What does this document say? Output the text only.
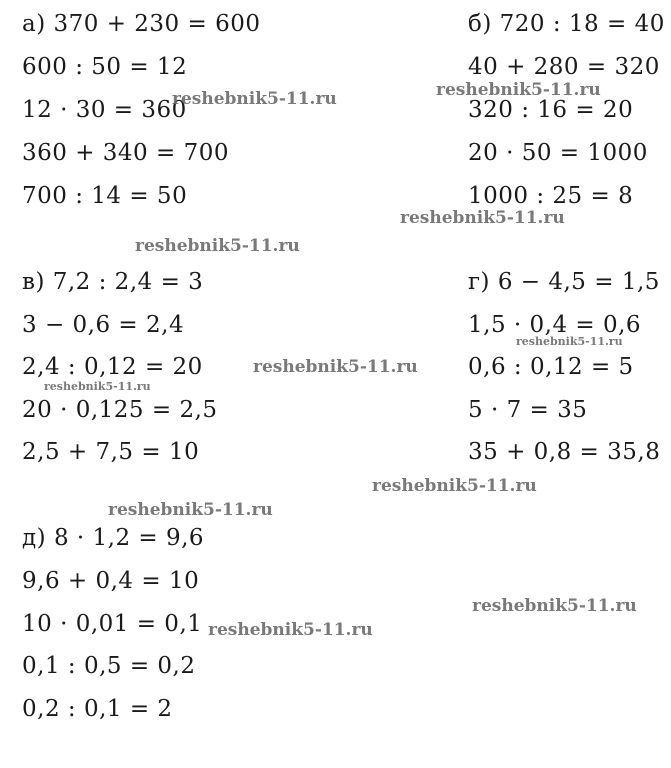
а) 370 + 230 = 600
600 : 50 = 12
12 · 30 = 360
360 + 340 = 700
700 : 14 = 50
б) 720 : 18 = 40
40 + 280 = 320
320 : 16 = 20
20 · 50 = 1000
1000 : 25 = 8
в) 7,2 : 2,4 = 3
3 − 0,6 = 2,4
2,4 : 0,12 = 20
20 · 0,125 = 2,5
2,5 + 7,5 = 10
г) 6 − 4,5 = 1,5
1,5 · 0,4 = 0,6
0,6 : 0,12 = 5
5 · 7 = 35
35 + 0,8 = 35,8
д) 8 · 1,2 = 9,6
9,6 + 0,4 = 10
10 · 0,01 = 0,1
0,1 : 0,5 = 0,2
0,2 : 0,1 = 2
reshebnik5-11.ru	reshebnik5-11.ru
reshebnik5-11.ru
reshebnik5-11.ru
reshebnik5-11.ru
reshebnik5-11.ru
reshebnik5-11.ru
reshebnik5-11.ru
reshebnik5-11.ru
reshebnik5-11.ru
reshebnik5-11.ru
